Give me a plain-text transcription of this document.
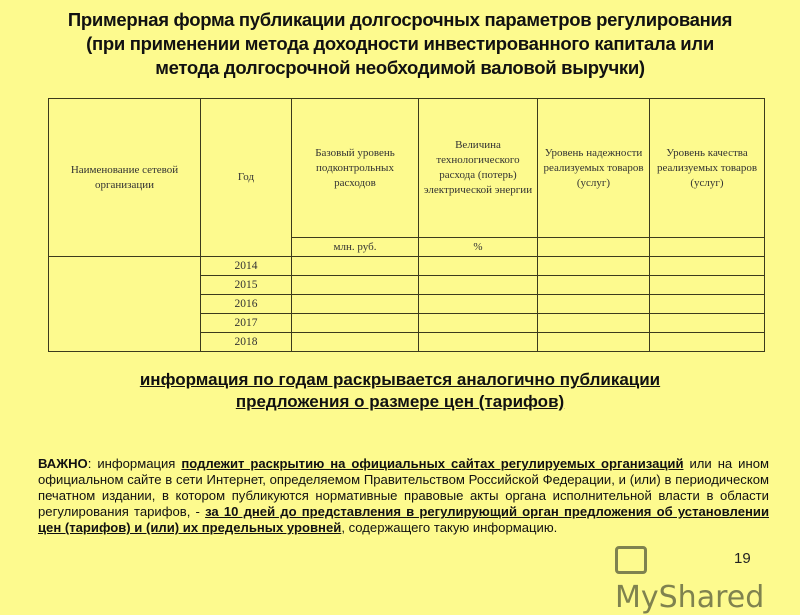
Примерная форма публикации долгосрочных параметров регулирования
(при применении метода доходности инвестированного капитала или
метода долгосрочной необходимой валовой выручки)
Наименование сетевой организации	Год	Базовый уровень подконтрольных расходов	Величина технологического расхода (потерь) электрической энергии	Уровень надежности реализуемых товаров (услуг)	Уровень качества реализуемых товаров (услуг)
		млн. руб.	%		
	2014				
	2015				
	2016				
	2017				
	2018				
информация по годам раскрывается аналогично публикации
предложения о размере цен (тарифов)
ВАЖНО: информация подлежит раскрытию на официальных сайтах регулируемых организаций или на ином официальном сайте в сети Интернет, определяемом Правительством Российской Федерации, и (или) в периодическом печатном издании, в котором публикуются нормативные правовые акты органа исполнительной власти в области регулирования тарифов, - за 10 дней до представления в регулирующий орган предложения об установлении цен (тарифов) и (или) их предельных уровней, содержащего такую информацию.
MyShared
19
